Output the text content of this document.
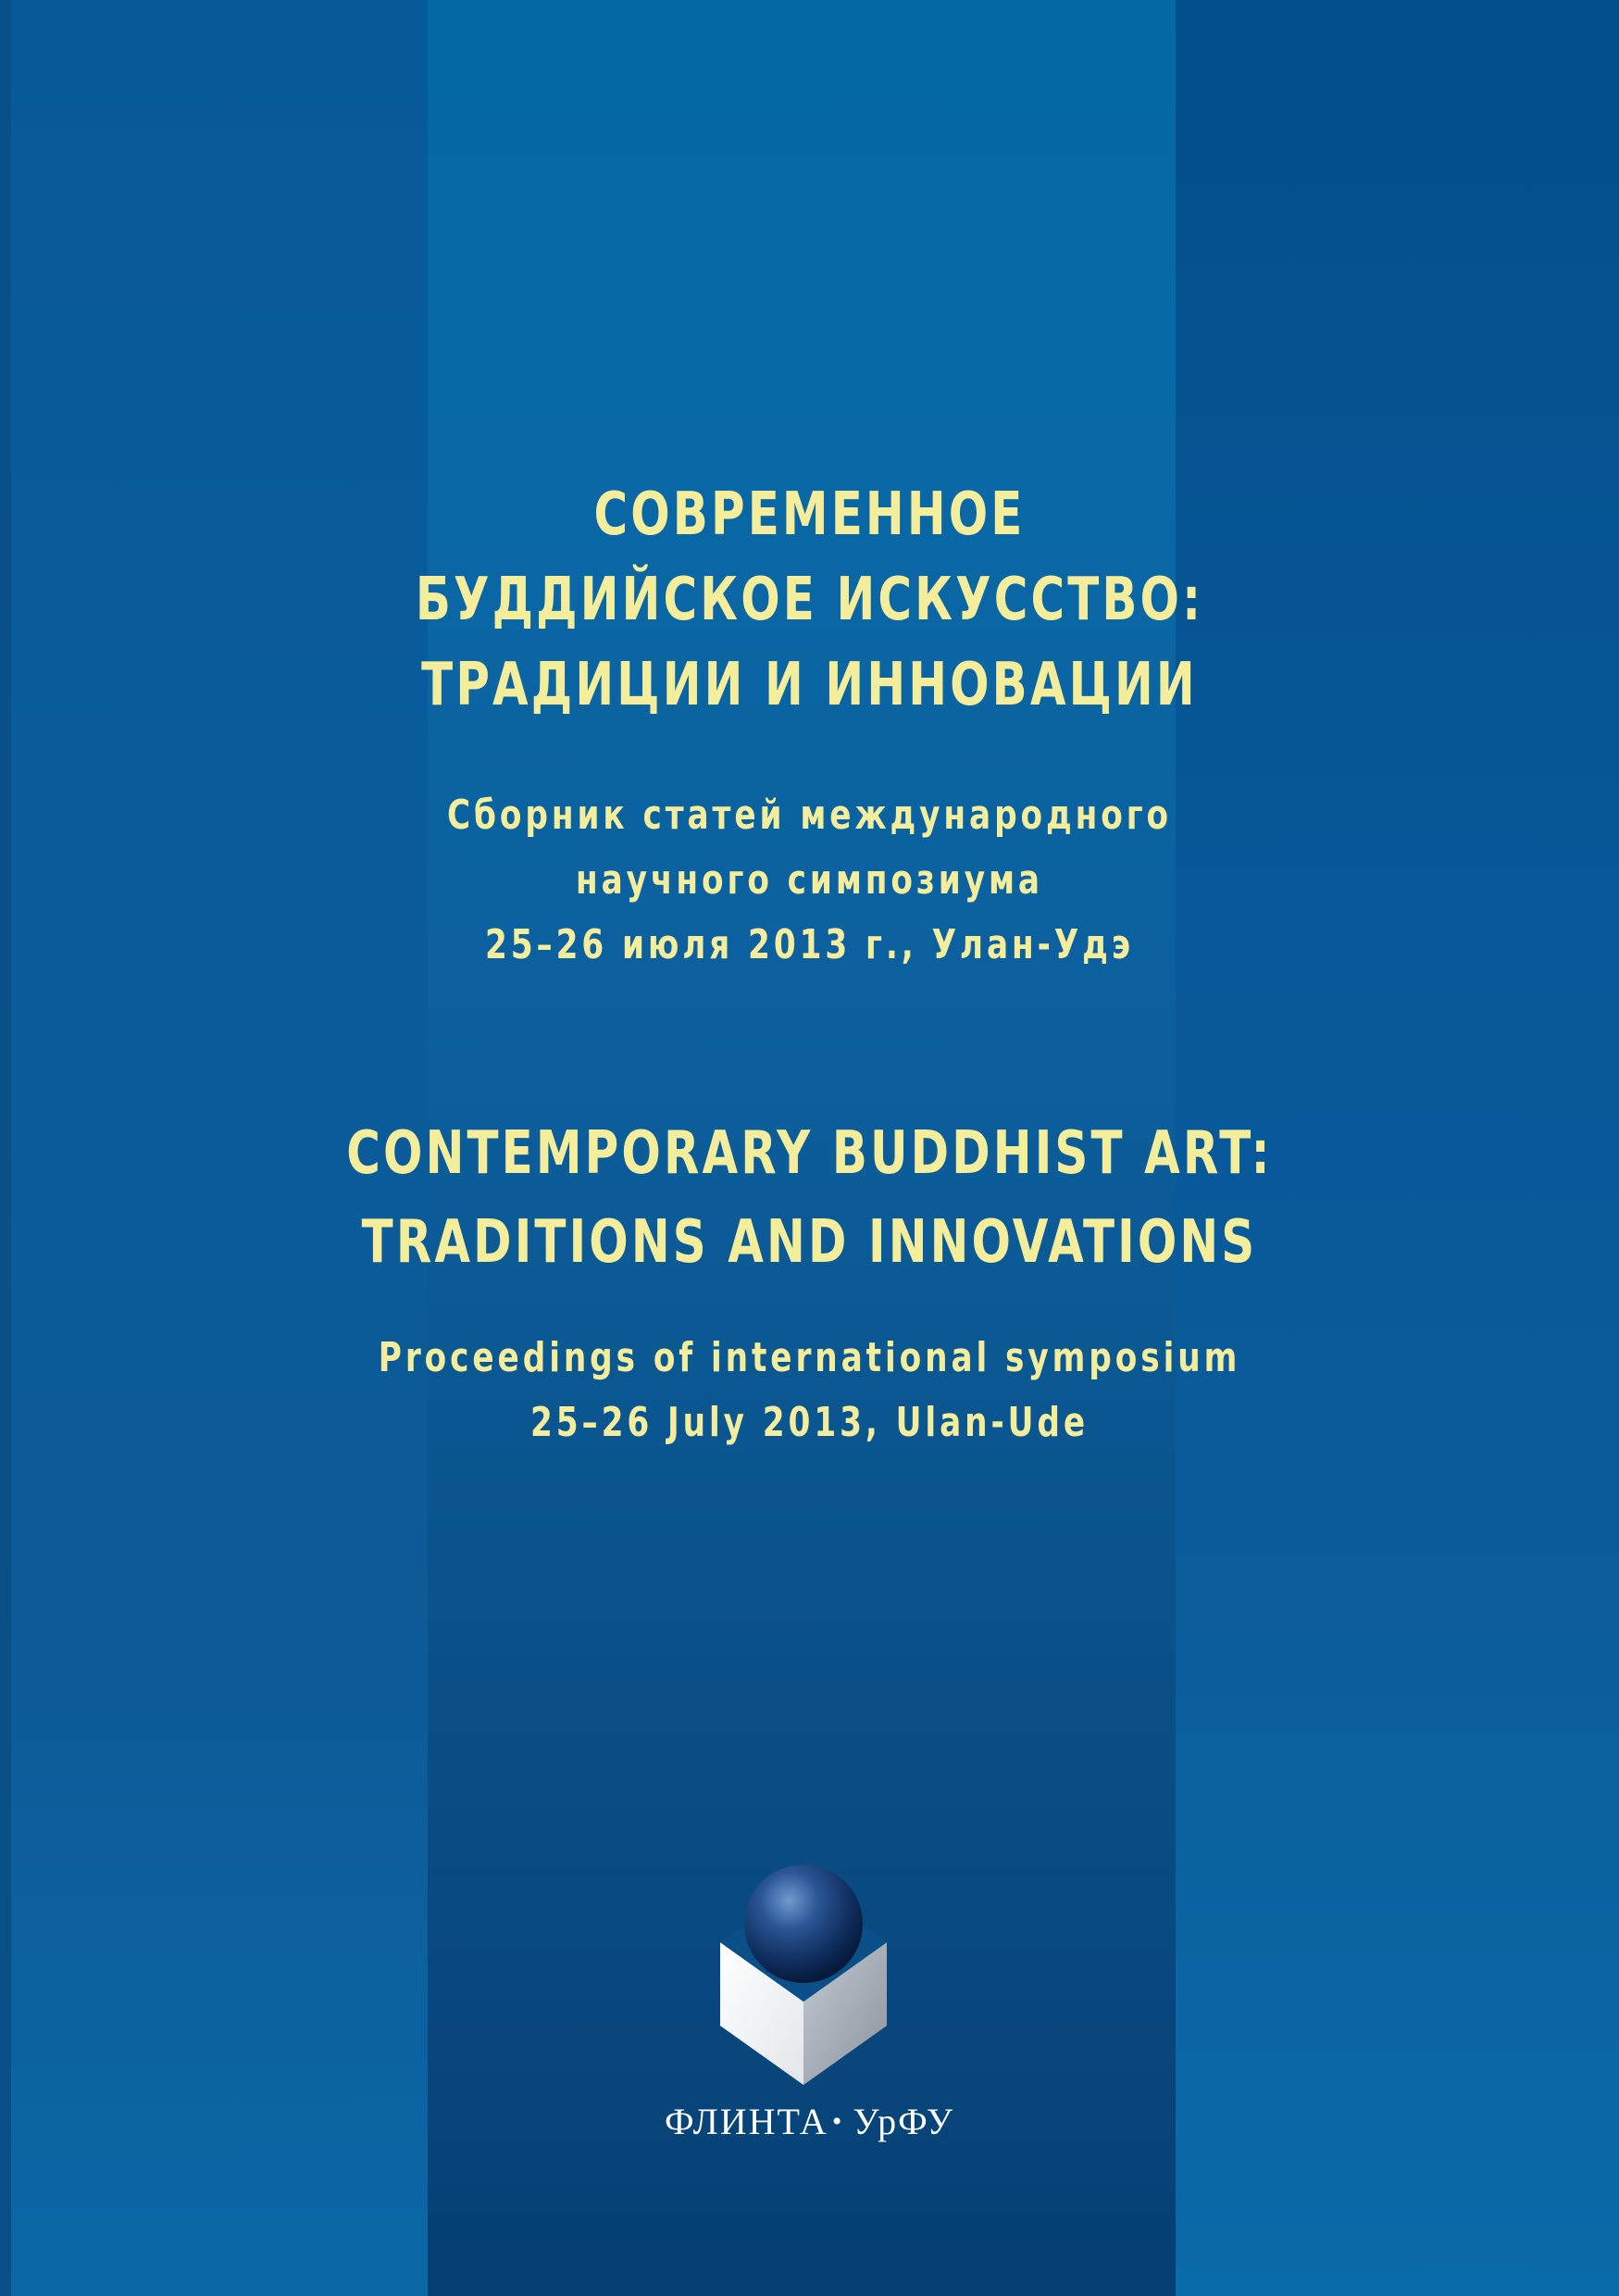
СОВРЕМЕННОЕ
БУДДИЙСКОЕ ИСКУССТВО:
ТРАДИЦИИ И ИННОВАЦИИ
Сборник статей международного
научного симпозиума
25–26 июля 2013 г., Улан-Удэ
CONTEMPORARY BUDDHIST ART:
TRADITIONS AND INNOVATIONS
Proceedings of international symposium
25–26 July 2013, Ulan-Ude
ФЛИНТА • УрФУ
